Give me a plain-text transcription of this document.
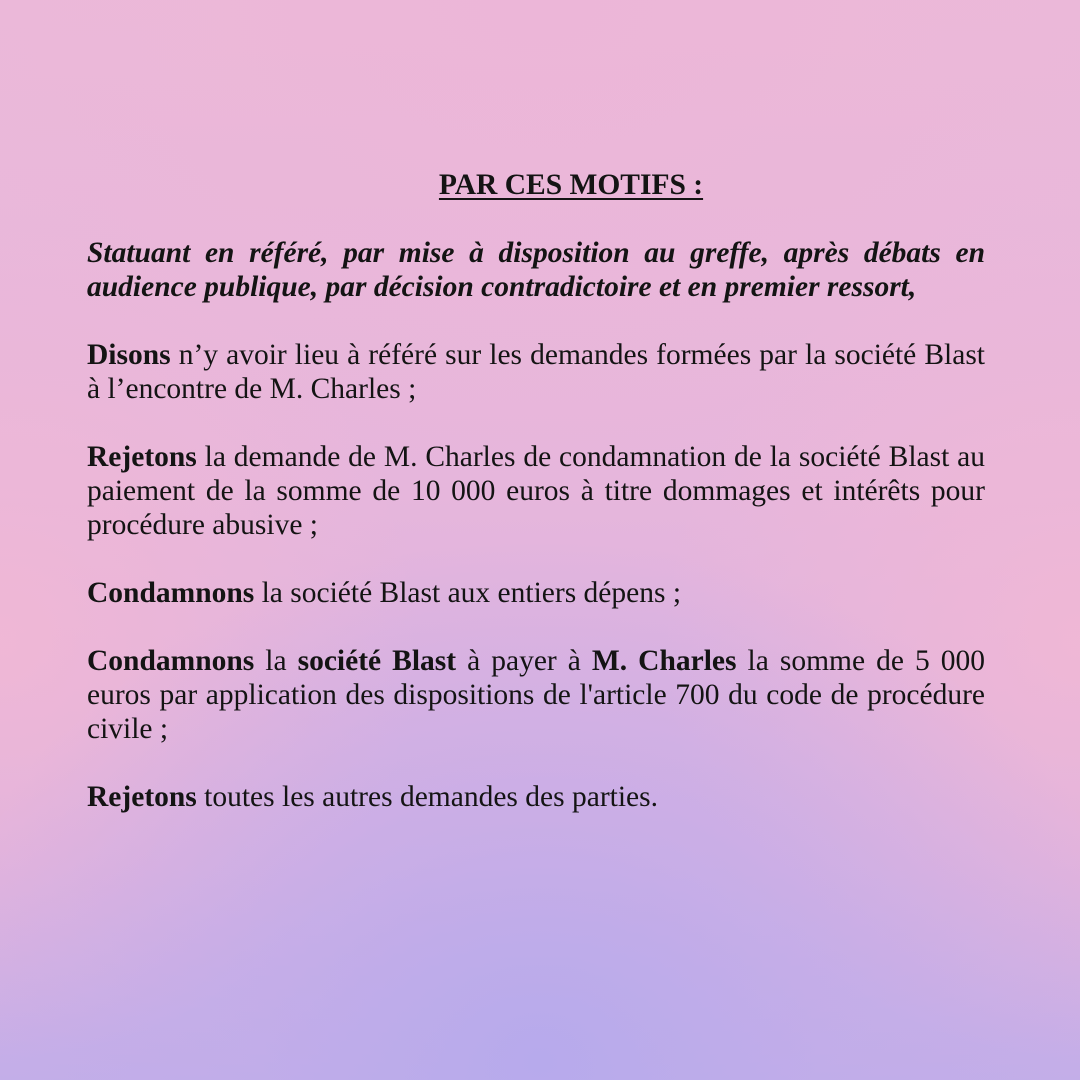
PAR CES MOTIFS :
Statuant en référé, par mise à disposition au greffe, après débats en audience publique, par décision contradictoire et en premier ressort,
Disons n’y avoir lieu à référé sur les demandes formées par la société Blast à l’encontre de M. Charles ;
Rejetons la demande de M. Charles de condamnation de la société Blast au paiement de la somme de 10 000 euros à titre dommages et intérêts pour procédure abusive ;
Condamnons la société Blast aux entiers dépens ;
Condamnons la société Blast à payer à M. Charles la somme de 5 000 euros par application des dispositions de l'article 700 du code de procédure civile ;
Rejetons toutes les autres demandes des parties.
